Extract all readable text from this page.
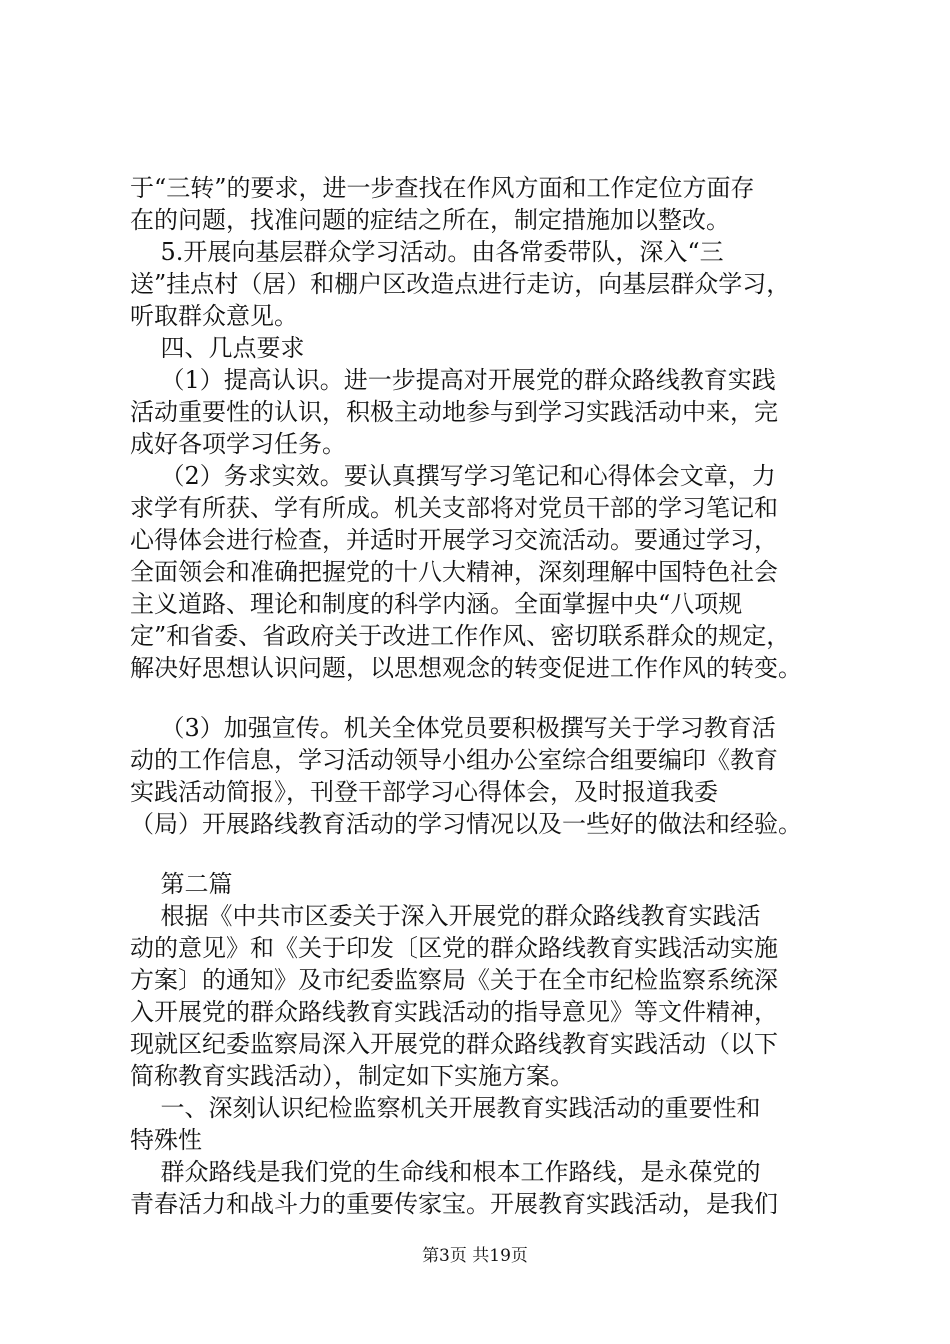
于“三转”的要求，进一步查找在作风方面和工作定位方面存
在的问题，找准问题的症结之所在，制定措施加以整改。
5.开展向基层群众学习活动。由各常委带队，深入“三
送”挂点村（居）和棚户区改造点进行走访，向基层群众学习，
听取群众意见。
四、几点要求
（1）提高认识。进一步提高对开展党的群众路线教育实践
活动重要性的认识，积极主动地参与到学习实践活动中来，完
成好各项学习任务。
（2）务求实效。要认真撰写学习笔记和心得体会文章，力
求学有所获、学有所成。机关支部将对党员干部的学习笔记和
心得体会进行检查，并适时开展学习交流活动。要通过学习，
全面领会和准确把握党的十八大精神，深刻理解中国特色社会
主义道路、理论和制度的科学内涵。全面掌握中央“八项规
定”和省委、省政府关于改进工作作风、密切联系群众的规定，
解决好思想认识问题，以思想观念的转变促进工作作风的转变。
（3）加强宣传。机关全体党员要积极撰写关于学习教育活
动的工作信息，学习活动领导小组办公室综合组要编印《教育
实践活动简报》，刊登干部学习心得体会，及时报道我委
（局）开展路线教育活动的学习情况以及一些好的做法和经验。
第二篇
根据《中共市区委关于深入开展党的群众路线教育实践活
动的意见》和《关于印发〔区党的群众路线教育实践活动实施
方案〕的通知》及市纪委监察局《关于在全市纪检监察系统深
入开展党的群众路线教育实践活动的指导意见》等文件精神，
现就区纪委监察局深入开展党的群众路线教育实践活动（以下
简称教育实践活动），制定如下实施方案。
一、深刻认识纪检监察机关开展教育实践活动的重要性和
特殊性
群众路线是我们党的生命线和根本工作路线，是永葆党的
青春活力和战斗力的重要传家宝。开展教育实践活动，是我们
第3页 共19页
